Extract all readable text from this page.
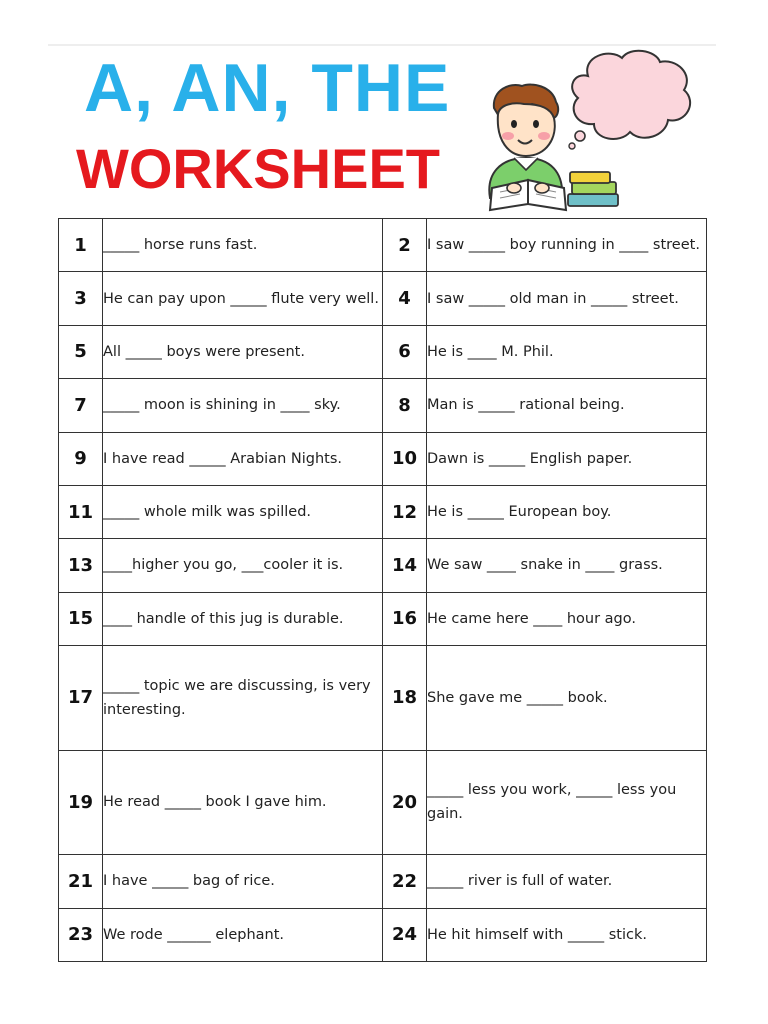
A, AN, THE
WORKSHEET
1	_____ horse runs fast.	2	I saw _____ boy running in ____ street.
3	He can pay upon _____ flute very well.	4	I saw _____ old man in _____ street.
5	All _____ boys were present.	6	He is ____ M. Phil.
7	_____ moon is shining in ____ sky.	8	Man is _____ rational being.
9	I have read _____ Arabian Nights.	10	Dawn is _____ English paper.
11	_____ whole milk was spilled.	12	He is _____ European boy.
13	____higher you go, ___cooler it is.	14	We saw ____ snake in ____ grass.
15	____ handle of this jug is durable.	16	He came here ____ hour ago.
17	_____ topic we are discussing, is very interesting.	18	She gave me _____ book.
19	He read _____ book I gave him.	20	_____ less you work, _____ less you gain.
21	I have _____ bag of rice.	22	_____ river is full of water.
23	We rode ______ elephant.	24	He hit himself with _____ stick.
